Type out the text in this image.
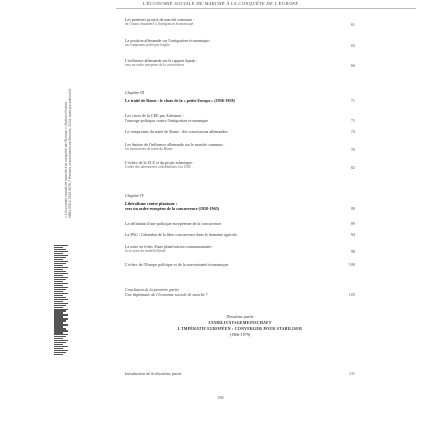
L'ÉCONOMIE SOCIALE DE MARCHÉ À LA CONQUÊTE DE L'EUROPE
Les premiers projets de marché commun :
de l'union douanière à l'intégration économique	61
La position allemande sur l'intégration économique :
un compromis politique fragile	65
L'influence allemande sur le rapport Spaak :
vers un ordre européen de la concurrence	66
Chapitre III
Le traité de Rome : le choix de la « petite Europe » (1956-1958)	71
Les choix de la CEE par Adenauer :
l'ancrage politique contre l'intégration économique	71
Le compromis du traité de Rome : des concessions allemandes	74
Les limites de l'influence allemande sur le marché commun :
les institutions du traité de Rome	76
L'échec de la ZLE et du projet atlantique :
l'ordre des alternatives ordolibérales à la CEE	82
Chapitre IV
Libéralisme contre planisme :
vers un ordre européen de la concurrence (1958-1965)	89
La définition d'une politique européenne de la concurrence	89
La PAC : l'abandon de la libre concurrence dans le domaine agricole	94
La mise en échec d'une planification communautaire :
la victoire du modèle libéral	98
L'échec de l'Europe politique et de la souveraineté économique	100
Conclusion de la première partie.
Une diplomatie de l'économie sociale de marché ?	103
Deuxième partie
STABILITÄTSGEMEINSCHAFT
L'IMPÉRATIF EUROPÉEN : CONVERGER POUR STABILISER
(1966-1979)
Introduction de la deuxième partie	111
358
« L'économie sociale de marché à la conquête de l'Europe », Mathieu Dubois ISBN 978-2-7535-9576-7 Presses universitaires de Rennes, 2024, www.pur-editions.fr
